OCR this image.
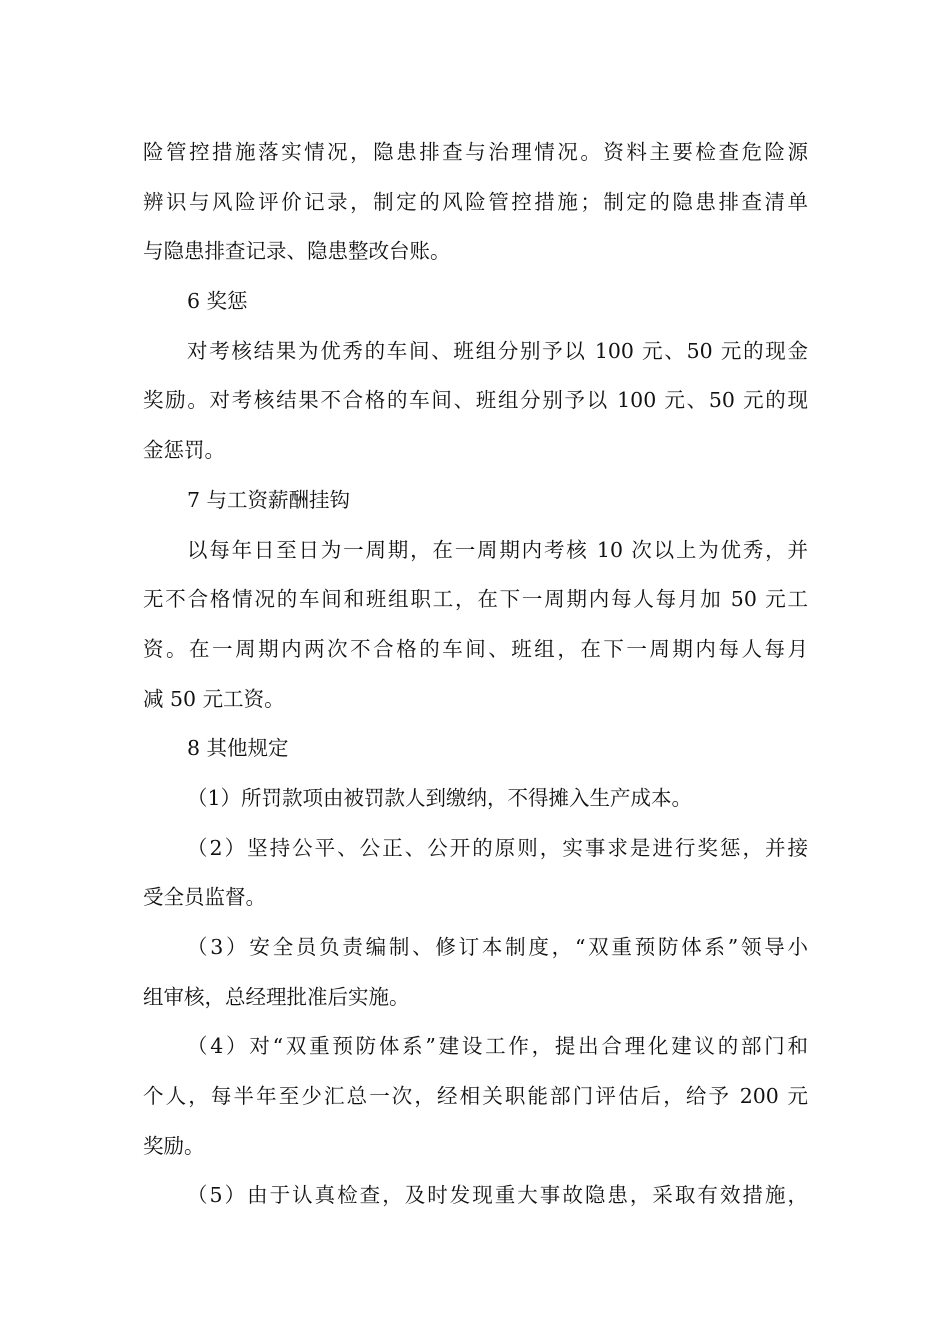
险管控措施落实情况，隐患排查与治理情况。资料主要检查危险源
辨识与风险评价记录，制定的风险管控措施；制定的隐患排查清单
与隐患排查记录、隐患整改台账。
6 奖惩
对考核结果为优秀的车间、班组分别予以 100 元、50 元的现金
奖励。对考核结果不合格的车间、班组分别予以 100 元、50 元的现
金惩罚。
7 与工资薪酬挂钩
以每年日至日为一周期，在一周期内考核 10 次以上为优秀，并
无不合格情况的车间和班组职工，在下一周期内每人每月加 50 元工
资。在一周期内两次不合格的车间、班组，在下一周期内每人每月
减 50 元工资。
8 其他规定
（1）所罚款项由被罚款人到缴纳，不得摊入生产成本。
（2）坚持公平、公正、公开的原则，实事求是进行奖惩，并接
受全员监督。
（3）安全员负责编制、修订本制度，“双重预防体系”领导小
组审核，总经理批准后实施。
（4）对“双重预防体系”建设工作，提出合理化建议的部门和
个人，每半年至少汇总一次，经相关职能部门评估后，给予 200 元
奖励。
（5）由于认真检查，及时发现重大事故隐患，采取有效措施，
